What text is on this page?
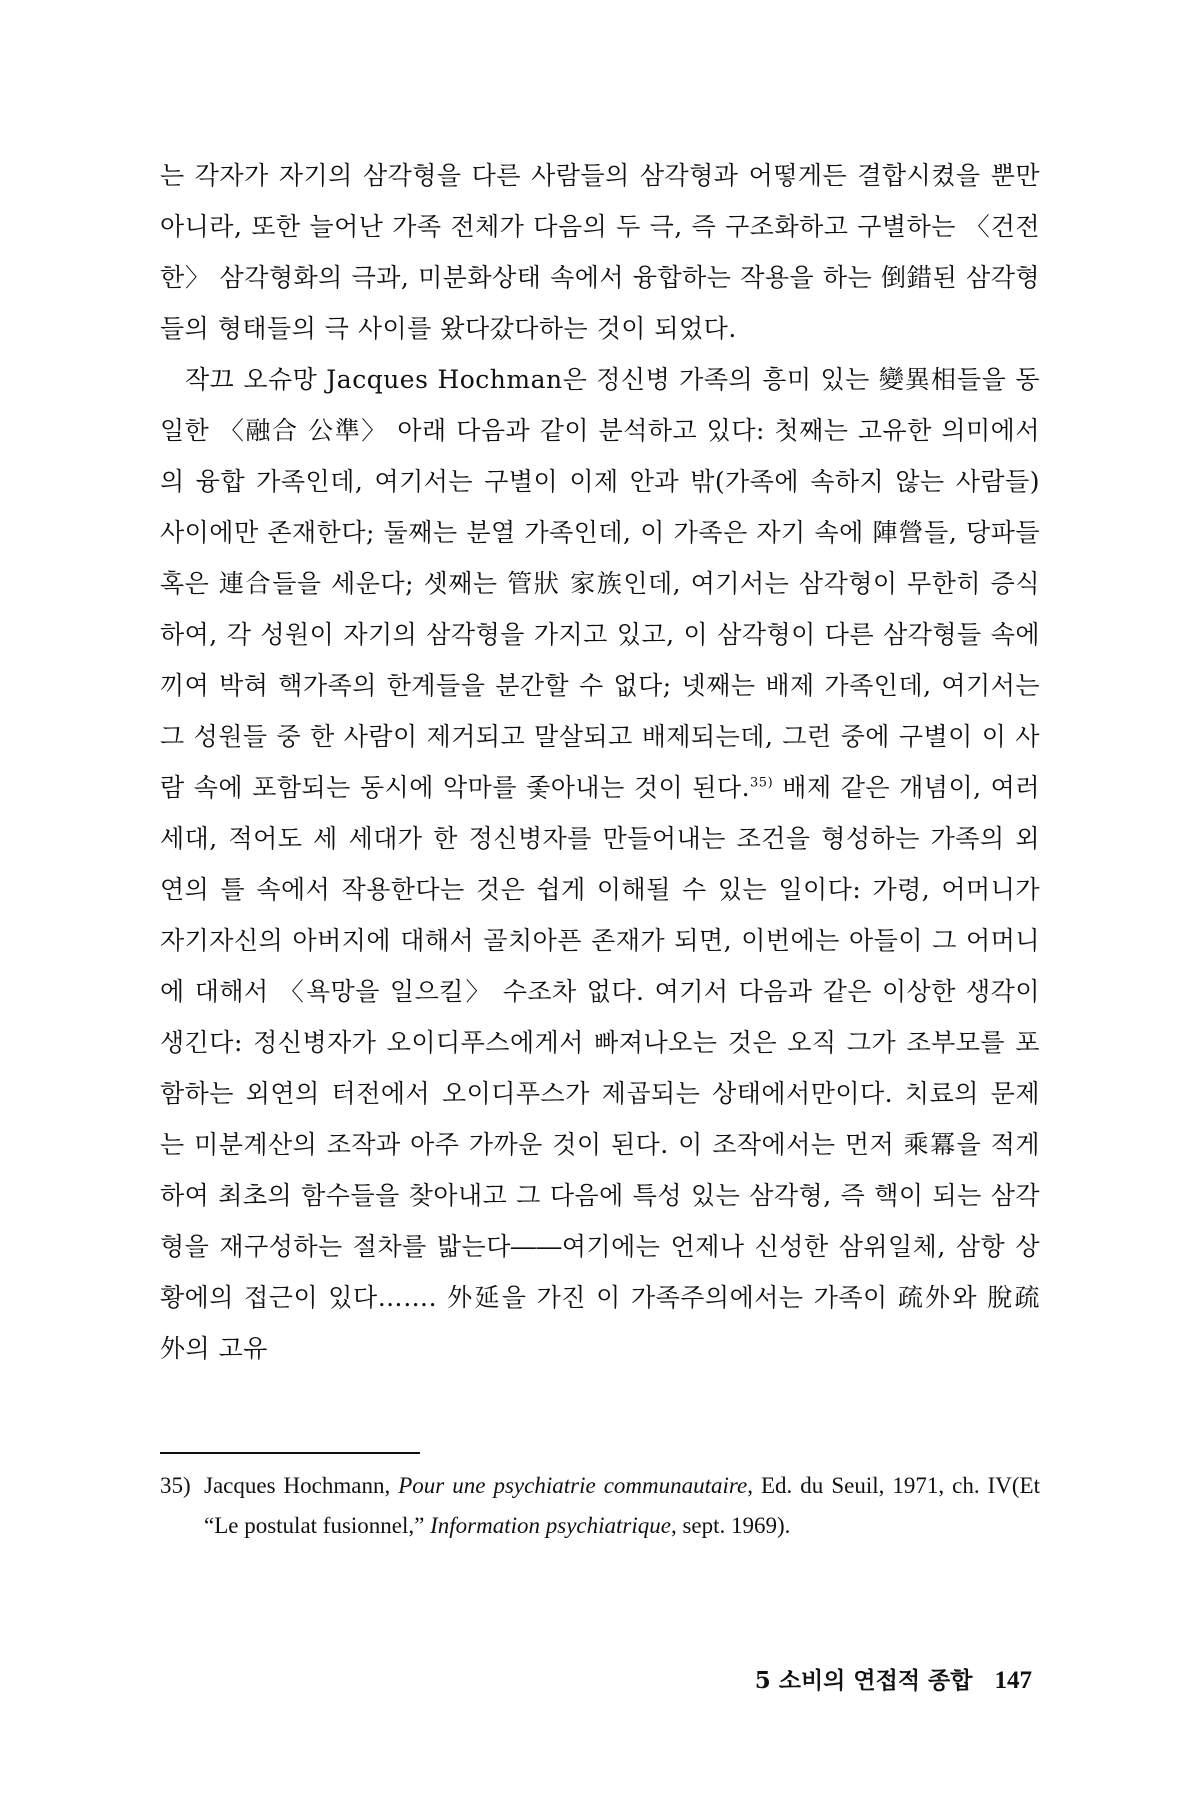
는 각자가 자기의 삼각형을 다른 사람들의 삼각형과 어떻게든 결합시켰을 뿐만 아니라, 또한 늘어난 가족 전체가 다음의 두 극, 즉 구조화하고 구별하는 〈건전한〉 삼각형화의 극과, 미분화상태 속에서 융합하는 작용을 하는 倒錯된 삼각형들의 형태들의 극 사이를 왔다갔다하는 것이 되었다.

작끄 오슈망 Jacques Hochman은 정신병 가족의 흥미 있는 變異相들을 동일한 〈融合 公準〉 아래 다음과 같이 분석하고 있다: 첫째는 고유한 의미에서의 융합 가족인데, 여기서는 구별이 이제 안과 밖(가족에 속하지 않는 사람들) 사이에만 존재한다; 둘째는 분열 가족인데, 이 가족은 자기 속에 陣營들, 당파들 혹은 連合들을 세운다; 셋째는 管狀 家族인데, 여기서는 삼각형이 무한히 증식하여, 각 성원이 자기의 삼각형을 가지고 있고, 이 삼각형이 다른 삼각형들 속에 끼여 박혀 핵가족의 한계들을 분간할 수 없다; 넷째는 배제 가족인데, 여기서는 그 성원들 중 한 사람이 제거되고 말살되고 배제되는데, 그런 중에 구별이 이 사람 속에 포함되는 동시에 악마를 좇아내는 것이 된다.$^{35)}$ 배제 같은 개념이, 여러 세대, 적어도 세 세대가 한 정신병자를 만들어내는 조건을 형성하는 가족의 외연의 틀 속에서 작용한다는 것은 쉽게 이해될 수 있는 일이다: 가령, 어머니가 자기자신의 아버지에 대해서 골치아픈 존재가 되면, 이번에는 아들이 그 어머니에 대해서 〈욕망을 일으킬〉 수조차 없다. 여기서 다음과 같은 이상한 생각이 생긴다: 정신병자가 오이디푸스에게서 빠져나오는 것은 오직 그가 조부모를 포함하는 외연의 터전에서 오이디푸스가 제곱되는 상태에서만이다. 치료의 문제는 미분계산의 조작과 아주 가까운 것이 된다. 이 조작에서는 먼저 乘冪을 적게 하여 최초의 함수들을 찾아내고 그 다음에 특성 있는 삼각형, 즉 핵이 되는 삼각형을 재구성하는 절차를 밟는다――여기에는 언제나 신성한 삼위일체, 삼항 상황에의 접근이 있다……. 外延을 가진 이 가족주의에서는 가족이 疏外와 脫疏外의 고유

35) Jacques Hochmann, Pour une psychiatrie communautaire, Ed. du Seuil, 1971, ch. IV(Et “Le postulat fusionnel,” Information psychiatrique, sept. 1969).
5 소비의 연접적 종합 147
